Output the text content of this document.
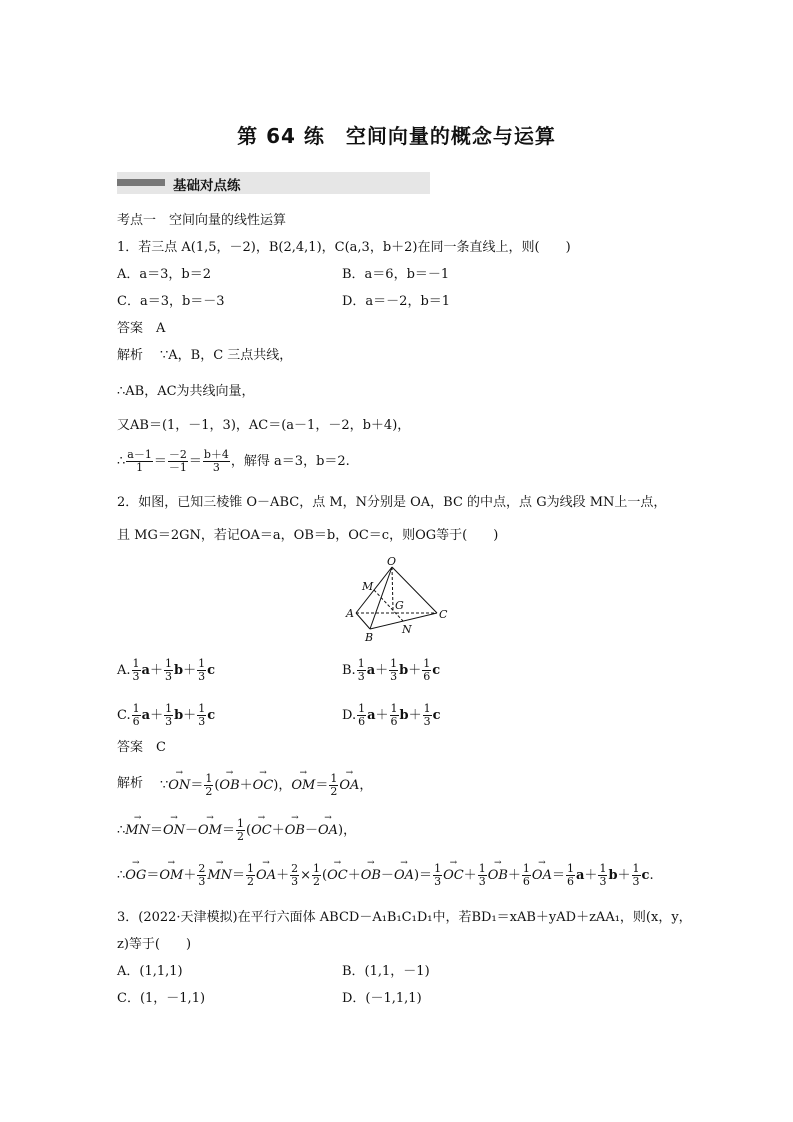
第 64 练　空间向量的概念与运算
基础对点练
考点一　空间向量的线性运算
1．若三点 A(1,5，－2)，B(2,4,1)，C(a,3，b＋2)在同一条直线上，则(　　)
A．a＝3，b＝2	B．a＝6，b＝－1
C．a＝3，b＝－3	D．a＝－2，b＝1
答案　A
解析 ∵A，B，C 三点共线，
∴AB，AC为共线向量，
又AB＝(1，－1，3)，AC＝(a－1，－2，b＋4)，
∴ $\frac{a-1}{1} = \frac{-2}{-1} = \frac{b+4}{3}$ ，解得 a＝3，b＝2.
2．如图，已知三棱锥 O－ABC，点 M，N分别是 OA，BC 的中点，点 G为线段 MN上一点，
且 MG＝2GN，若记OA＝a，OB＝b，OC＝c，则OG等于(　　)
O
M
G
A	C
N
B
A. $\frac{1}{3} a+ \frac{1}{3} b+ \frac{1}{3}$ c	B. $\frac{1}{3} a+ \frac{1}{3} b+ \frac{1}{6}$ c
C. $\frac{1}{6} a+ \frac{1}{3} b+ \frac{1}{3}$ c	D. $\frac{1}{6} a+ \frac{1}{6} b+ \frac{1}{3}$ c
答案　C
解析 ∵→ $ON= \frac{1}{2}$ (→ OB＋→ OC)，→ $OM= \frac{1}{2}$
→ OA，
∴→ $MN=\to ON-\to OM= \frac{1}{2}$ (→ OC＋→ OB－→ OA)，
∴→ $OG=\to OM+ \frac{2}{3}$
→ $MN= \frac{1}{2}$
→ $OA+ \frac{2}{3} \times \frac{1}{2}$ (→ $OC+\to OB-\to OA)= \frac{1}{3}$
→ $OC+ \frac{1}{3}$
→ $OB+ \frac{1}{6}$
→ $OA= \frac{1}{6} a+ \frac{1}{3} b+ \frac{1}{3} c$.
3．(2022·天津模拟)在平行六面体 ABCD－A₁B₁C₁D₁中，若BD₁＝xAB＋yAD＋zAA₁，则(x，y，
z)等于(　　)
A．(1,1,1)	B．(1,1，－1)
C．(1，－1,1)	D．(－1,1,1)
